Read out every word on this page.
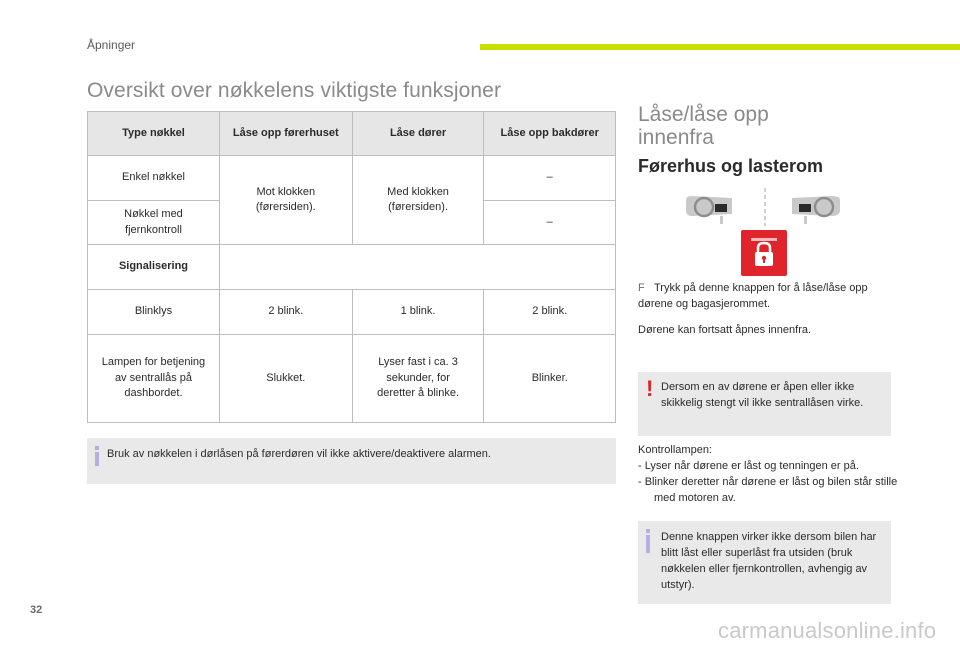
Åpninger
Oversikt over nøkkelens viktigste funksjoner
Type nøkkel	Låse opp førerhuset	Låse dører	Låse opp bakdører
Enkel nøkkel	Mot klokken (førersiden).	Med klokken (førersiden).	–

Nøkkel med fjernkontroll			–
Signalisering			
Blinklys	2 blink.	1 blink.	2 blink.

Lampen for betjening av sentrallås på dashbordet.	Slukket.	Lyser fast i ca. 3 sekunder, for deretter å blinke.	Blinker.
Bruk av nøkkelen i dørlåsen på førerdøren vil ikke aktivere/deaktivere alarmen.
Låse/låse opp
innenfra
Førerhus og lasterom
F Trykk på denne knappen for å låse/låse opp dørene og bagasjerommet.
Dørene kan fortsatt åpnes innenfra.
! Dersom en av dørene er åpen eller ikke skikkelig stengt vil ikke sentrallåsen virke.
Kontrollampen:
- Lyser når dørene er låst og tenningen er på.
- Blinker deretter når dørene er låst og bilen står stille med motoren av.
Denne knappen virker ikke dersom bilen har blitt låst eller superlåst fra utsiden (bruk nøkkelen eller fjernkontrollen, avhengig av utstyr).
32
carmanualsonline.info
